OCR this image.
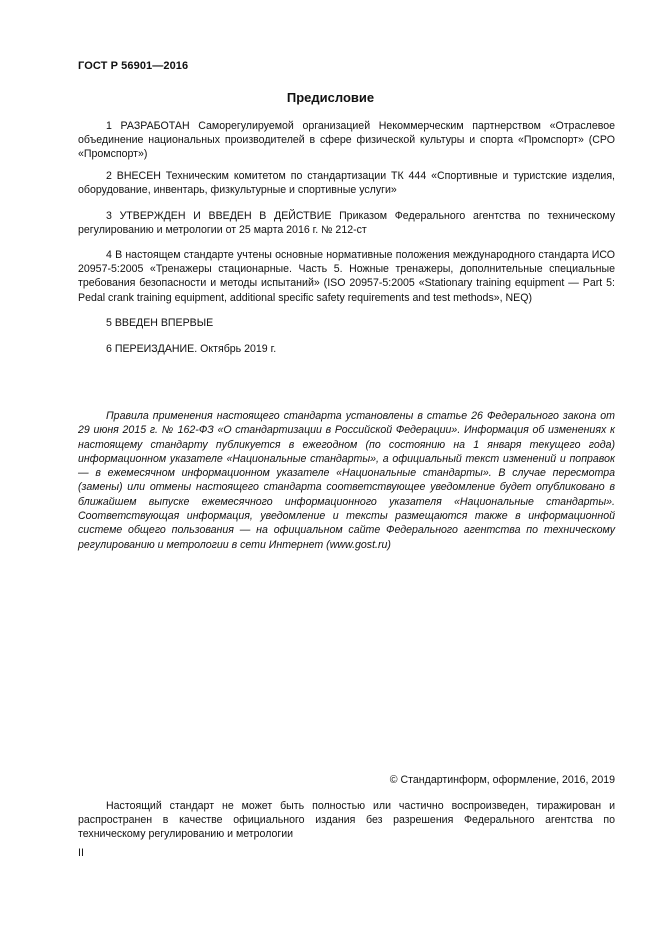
ГОСТ Р 56901—2016
Предисловие

1 РАЗРАБОТАН Саморегулируемой организацией Некоммерческим партнерством «Отраслевое объединение национальных производителей в сфере физической культуры и спорта «Промспорт» (СРО «Промспорт»)

2 ВНЕСЕН Техническим комитетом по стандартизации ТК 444 «Спортивные и туристские изделия, оборудование, инвентарь, физкультурные и спортивные услуги»

3 УТВЕРЖДЕН И ВВЕДЕН В ДЕЙСТВИЕ Приказом Федерального агентства по техническому регулированию и метрологии от 25 марта 2016 г. № 212-ст

4 В настоящем стандарте учтены основные нормативные положения международного стандарта ИСО 20957-5:2005 «Тренажеры стационарные. Часть 5. Ножные тренажеры, дополнительные специальные требования безопасности и методы испытаний» (ISO 20957-5:2005 «Stationary training equipment — Part 5: Pedal crank training equipment, additional specific safety requirements and test methods», NEQ)

5 ВВЕДЕН ВПЕРВЫЕ

6 ПЕРЕИЗДАНИЕ. Октябрь 2019 г.

Правила применения настоящего стандарта установлены в статье 26 Федерального закона от 29 июня 2015 г. № 162-ФЗ «О стандартизации в Российской Федерации». Информация об изменениях к настоящему стандарту публикуется в ежегодном (по состоянию на 1 января текущего года) информационном указателе «Национальные стандарты», а официальный текст изменений и поправок — в ежемесячном информационном указателе «Национальные стандарты». В случае пересмотра (замены) или отмены настоящего стандарта соответствующее уведомление будет опубликовано в ближайшем выпуске ежемесячного информационного указателя «Национальные стандарты». Соответствующая информация, уведомление и тексты размещаются также в информационной системе общего пользования — на официальном сайте Федерального агентства по техническому регулированию и метрологии в сети Интернет (www.gost.ru)

© Стандартинформ, оформление, 2016, 2019

Настоящий стандарт не может быть полностью или частично воспроизведен, тиражирован и распространен в качестве официального издания без разрешения Федерального агентства по техническому регулированию и метрологии

II
